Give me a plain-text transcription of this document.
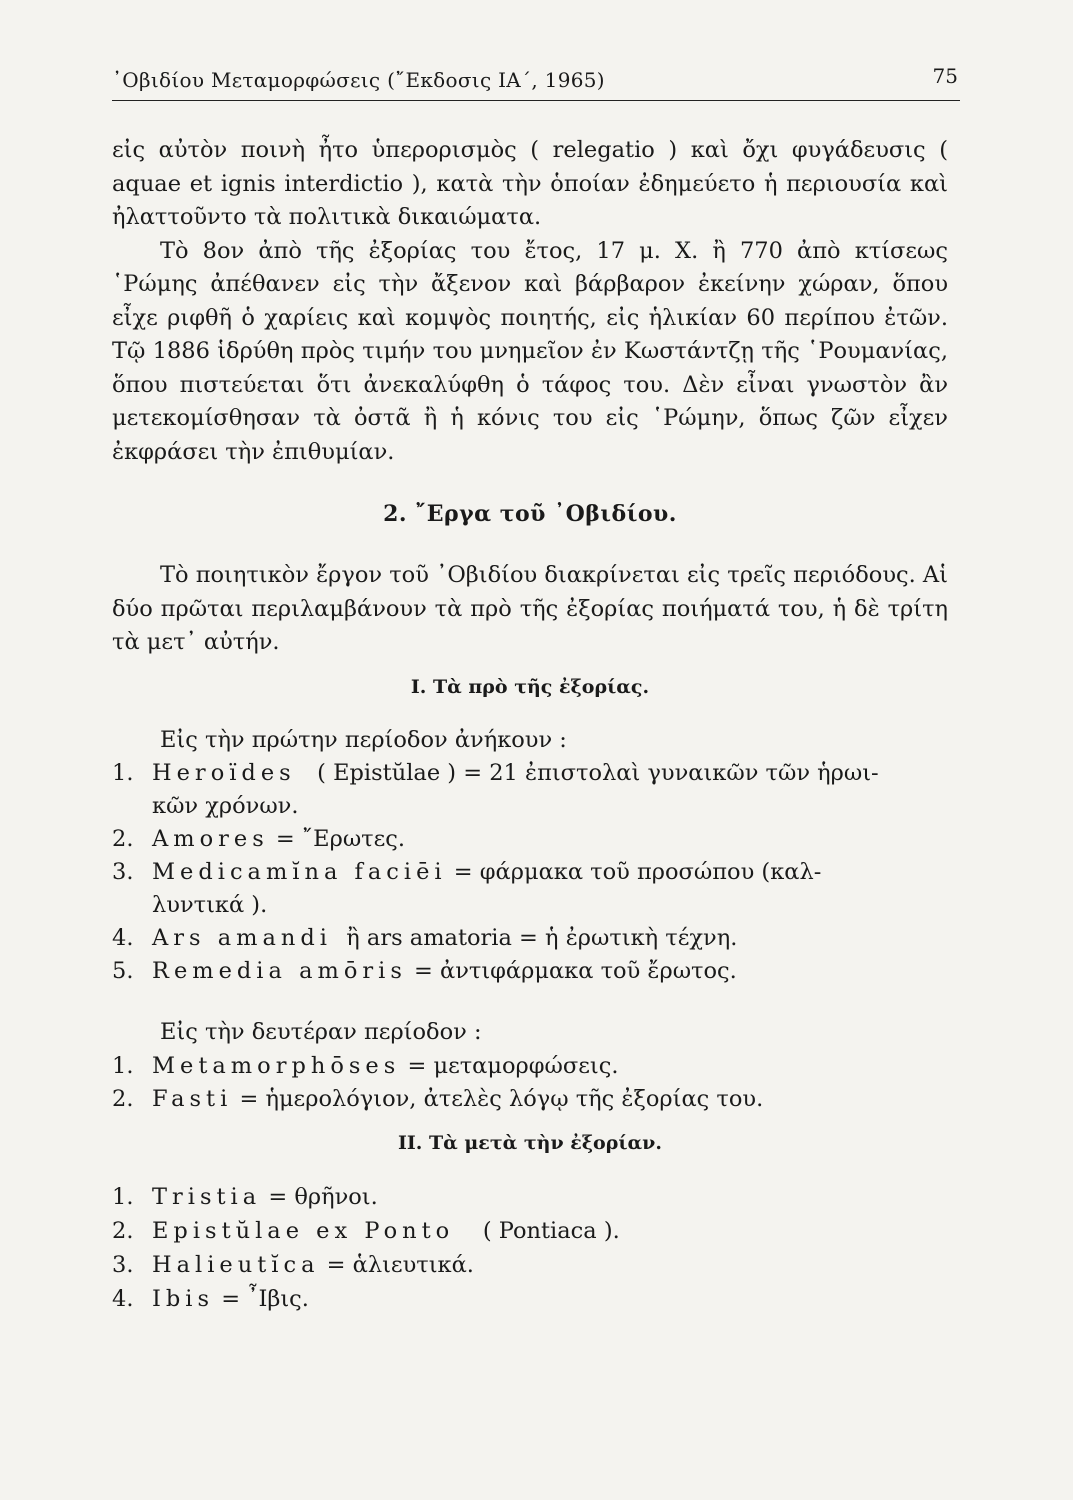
᾿Οβιδίου Μεταμορφώσεις (῎Εκδοσις ΙΑ΄, 1965)	75

εἰς αὐτὸν ποινὴ ἦτο ὑπερορισμὸς ( relegatio ) καὶ ὄχι φυγάδευσις ( aquae et ignis interdictio ), κατὰ τὴν ὁποίαν ἐδημεύετο ἡ περιουσία καὶ ἠλαττοῦντο τὰ πολιτικὰ δικαιώματα.

Τὸ 8ον ἀπὸ τῆς ἐξορίας του ἔτος, 17 μ. Χ. ἢ 770 ἀπὸ κτίσεως ῾Ρώμης ἀπέθανεν εἰς τὴν ἄξενον καὶ βάρβαρον ἐκείνην χώραν, ὅπου εἶχε ριφθῆ ὁ χαρίεις καὶ κομψὸς ποιητής, εἰς ἡλικίαν 60 περίπου ἐτῶν. Τῷ 1886 ἱδρύθη πρὸς τιμήν του μνημεῖον ἐν Κωστάντζῃ τῆς ῾Ρουμανίας, ὅπου πιστεύεται ὅτι ἀνεκαλύφθη ὁ τάφος του. Δὲν εἶναι γνωστὸν ἂν μετεκομίσθησαν τὰ ὀστᾶ ἢ ἡ κόνις του εἰς ῾Ρώμην, ὅπως ζῶν εἶχεν ἐκφράσει τὴν ἐπιθυμίαν.

2. ῎Εργα τοῦ ᾿Οβιδίου.

Τὸ ποιητικὸν ἔργον τοῦ ᾿Οβιδίου διακρίνεται εἰς τρεῖς περιόδους. Αἱ δύο πρῶται περιλαμβάνουν τὰ πρὸ τῆς ἐξορίας ποιήματά του, ἡ δὲ τρίτη τὰ μετ᾿ αὐτήν.

I. Τὰ πρὸ τῆς ἐξορίας.

Εἰς τὴν πρώτην περίοδον ἀνήκουν :

1. Heroïdes ( Epistŭlae ) = 21 ἐπιστολαὶ γυναικῶν τῶν ἡρωι-
κῶν χρόνων.
2. Amores = ῎Ερωτες.
3. Medicamĭna faciēi = φάρμακα τοῦ προσώπου (καλ-
λυντικά ).
4. Ars amandi ἢ ars amatoria = ἡ ἐρωτικὴ τέχνη.
5. Remedia amōris = ἀντιφάρμακα τοῦ ἔρωτος.

Εἰς τὴν δευτέραν περίοδον :

1. Metamorphōses = μεταμορφώσεις.
2. Fasti = ἡμερολόγιον, ἀτελὲς λόγῳ τῆς ἐξορίας του.
II. Τὰ μετὰ τὴν ἐξορίαν.
1. Tristia = θρῆνοι.
2. Epistŭlae ex Ponto ( Pontiaca ).
3. Halieutĭca = ἁλιευτικά.
4. Ibis = ῏Ιβις.
